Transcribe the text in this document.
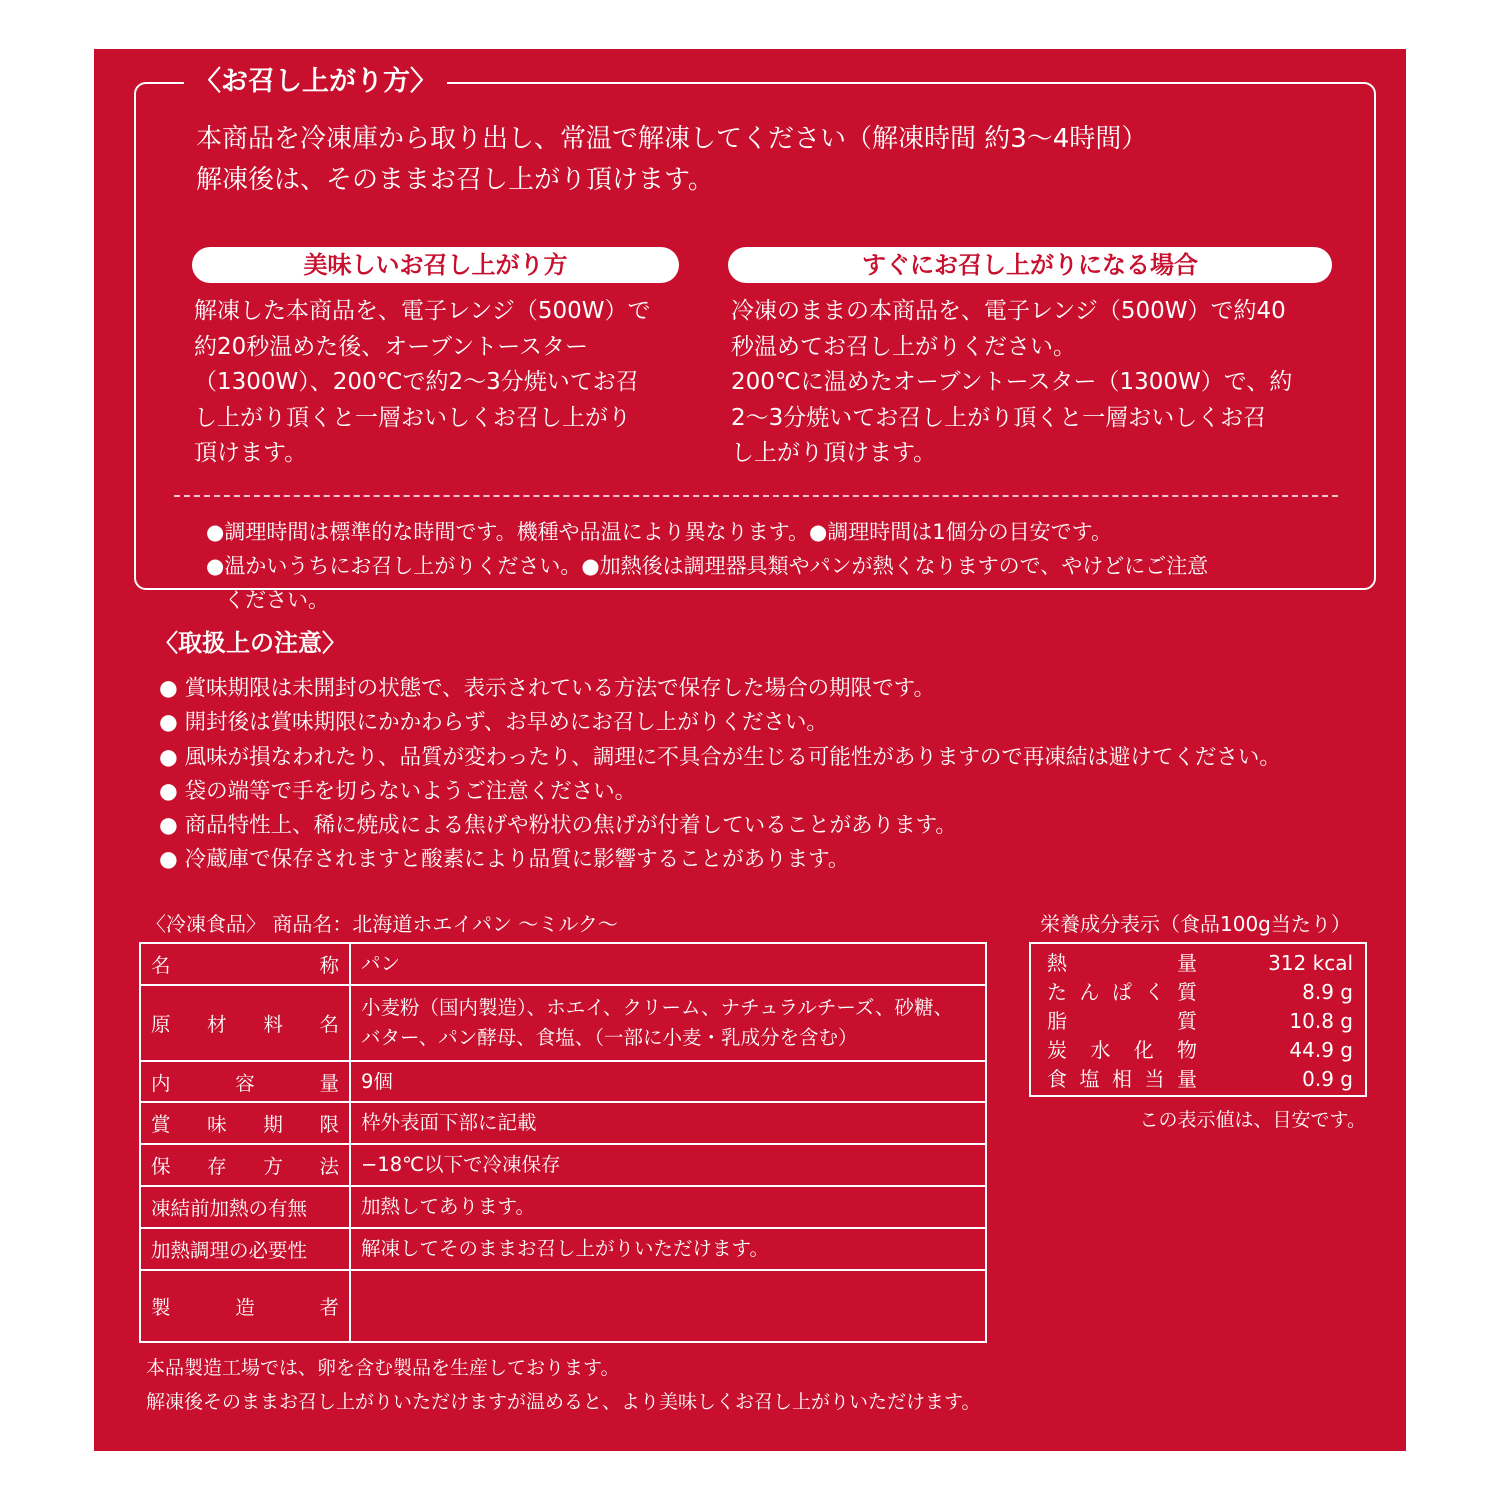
〈お召し上がり方〉
本商品を冷凍庫から取り出し、常温で解凍してください（解凍時間 約3～4時間）
解凍後は、そのままお召し上がり頂けます。
美味しいお召し上がり方	すぐにお召し上がりになる場合
解凍した本商品を、電子レンジ（500W）で
約20秒温めた後、オーブントースター
（1300W）、200℃で約2～3分焼いてお召
し上がり頂くと一層おいしくお召し上がり
頂けます。
冷凍のままの本商品を、電子レンジ（500W）で約40
秒温めてお召し上がりください。
200℃に温めたオーブントースター（1300W）で、約
2～3分焼いてお召し上がり頂くと一層おいしくお召
し上がり頂けます。
●調理時間は標準的な時間です。機種や品温により異なります。●調理時間は1個分の目安です。
●温かいうちにお召し上がりください。●加熱後は調理器具類やパンが熱くなりますので、やけどにご注意
ください。
〈取扱上の注意〉
● 賞味期限は未開封の状態で、表示されている方法で保存した場合の期限です。
● 開封後は賞味期限にかかわらず、お早めにお召し上がりください。
● 風味が損なわれたり、品質が変わったり、調理に不具合が生じる可能性がありますので再凍結は避けてください。
● 袋の端等で手を切らないようご注意ください。
● 商品特性上、稀に焼成による焦げや粉状の焦げが付着していることがあります。
● 冷蔵庫で保存されますと酸素により品質に影響することがあります。
〈冷凍食品〉 商品名：北海道ホエイパン 〜ミルク〜
名称	パン
原材料名	小麦粉（国内製造）、ホエイ、クリーム、ナチュラルチーズ、砂糖、
バター、パン酵母、食塩、（一部に小麦・乳成分を含む）

内容量	9個
賞味期限	枠外表面下部に記載
保存方法	−18℃以下で冷凍保存
凍結前加熱の有無	加熱してあります。
加熱調理の必要性	解凍してそのままお召し上がりいただけます。
製造者	
栄養成分表示（食品100g当たり）
熱量	312 kcal
たんぱく質	8.9 g
脂質	10.8 g
炭水化物	44.9 g
食塩相当量	0.9 g
この表示値は、目安です。
本品製造工場では、卵を含む製品を生産しております。
解凍後そのままお召し上がりいただけますが温めると、より美味しくお召し上がりいただけます。
